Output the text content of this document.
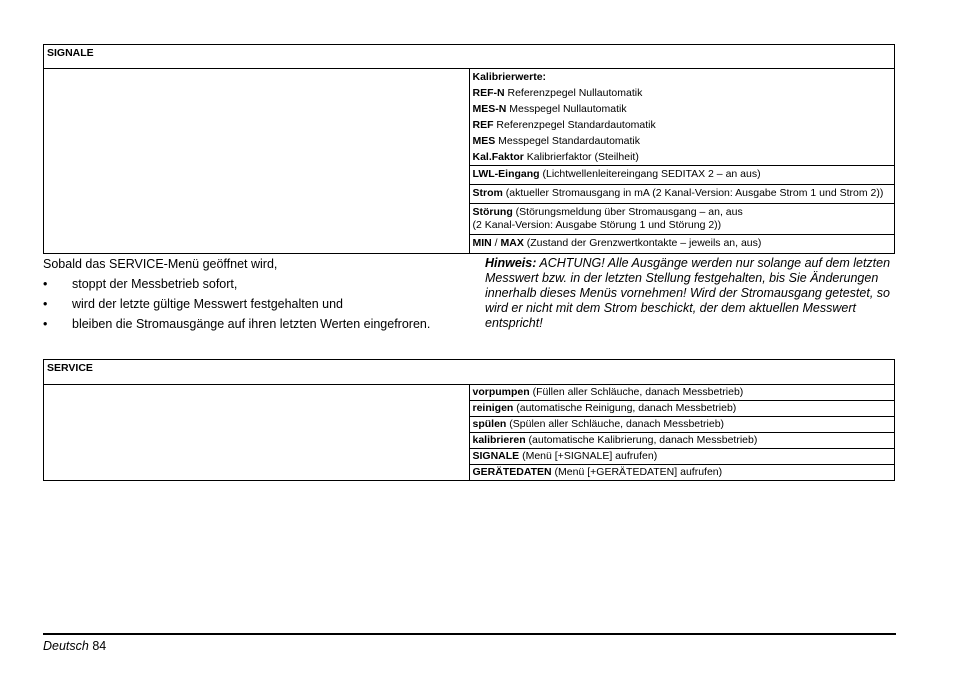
SIGNALE

Kalibrierwerte:
REF-N Referenzpegel Nullautomatik
MES-N Messpegel Nullautomatik
REF Referenzpegel Standardautomatik
MES Messpegel Standardautomatik
Kal.Faktor Kalibrierfaktor (Steilheit)

LWL-Eingang (Lichtwellenleitereingang SEDITAX 2 – an aus)
Strom (aktueller Stromausgang in mA (2 Kanal-Version: Ausgabe Strom 1 und Strom 2))
Störung (Störungsmeldung über Stromausgang – an, aus
(2 Kanal-Version: Ausgabe Störung 1 und Störung 2))
MIN / MAX (Zustand der Grenzwertkontakte – jeweils an, aus)

Sobald das SERVICE-Menü geöffnet wird,

• stoppt der Messbetrieb sofort,
• wird der letzte gültige Messwert festgehalten und
• bleiben die Stromausgänge auf ihren letzten Werten eingefroren.
Hinweis: ACHTUNG! Alle Ausgänge werden nur solange auf dem letzten Messwert bzw. in der letzten Stellung festgehalten, bis Sie Änderungen innerhalb dieses Menüs vornehmen! Wird der Stromausgang getestet, so wird er nicht mit dem Strom beschickt, der dem aktuellen Messwert entspricht!
SERVICE
	vorpumpen (Füllen aller Schläuche, danach Messbetrieb)
reinigen (automatische Reinigung, danach Messbetrieb)
spülen (Spülen aller Schläuche, danach Messbetrieb)
kalibrieren (automatische Kalibrierung, danach Messbetrieb)
SIGNALE (Menü [+SIGNALE] aufrufen)
GERÄTEDATEN (Menü [+GERÄTEDATEN] aufrufen)
Deutsch 84
